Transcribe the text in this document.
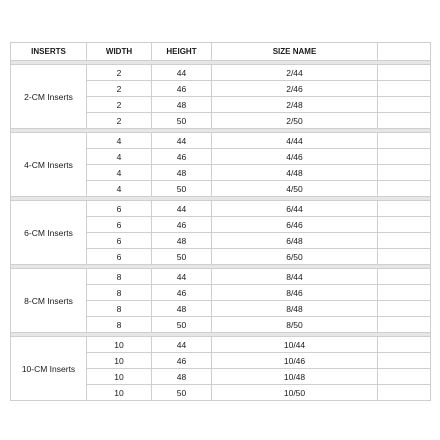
INSERTS	WIDTH	HEIGHT	SIZE NAME	

2-CM Inserts	2	44	2/44	
	2	46	2/46	
	2	48	2/48	
	2	50	2/50	

4-CM Inserts	4	44	4/44	
	4	46	4/46	
	4	48	4/48	
	4	50	4/50	

6-CM Inserts	6	44	6/44	
	6	46	6/46	
	6	48	6/48	
	6	50	6/50	

8-CM Inserts	8	44	8/44	
	8	46	8/46	
	8	48	8/48	
	8	50	8/50	

10-CM Inserts	10	44	10/44	
	10	46	10/46	
	10	48	10/48	
	10	50	10/50	
